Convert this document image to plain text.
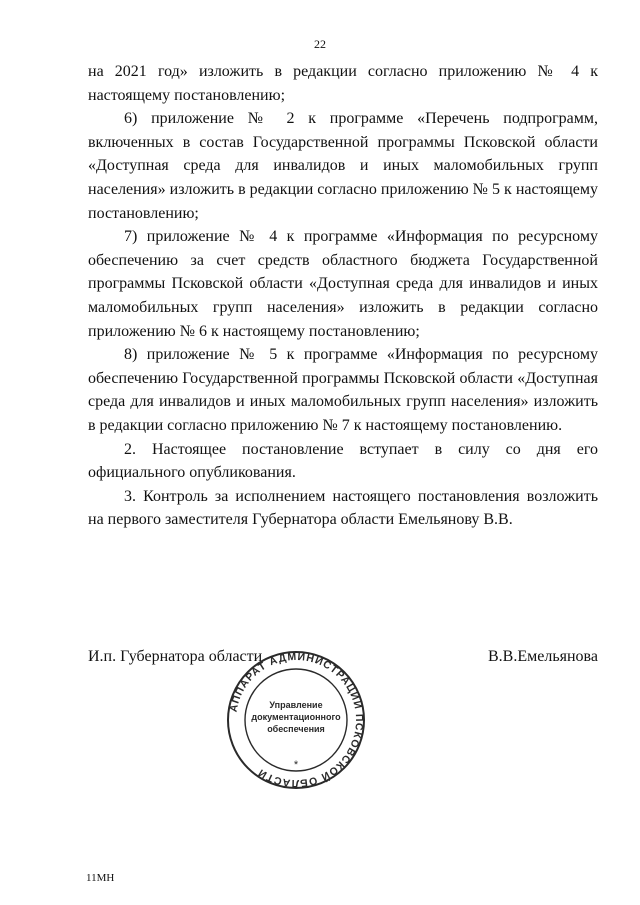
22

на 2021 год» изложить в редакции согласно приложению № 4 к настоящему постановлению;

6) приложение № 2 к программе «Перечень подпрограмм, включенных в состав Государственной программы Псковской области «Доступная среда для инвалидов и иных маломобильных групп населения» изложить в редакции согласно приложению № 5 к настоящему постановлению;

7) приложение № 4 к программе «Информация по ресурсному обеспечению за счет средств областного бюджета Государственной программы Псковской области «Доступная среда для инвалидов и иных маломобильных групп населения» изложить в редакции согласно приложению № 6 к настоящему постановлению;

8) приложение № 5 к программе «Информация по ресурсному обеспечению Государственной программы Псковской области «Доступная среда для инвалидов и иных маломобильных групп населения» изложить в редакции согласно приложению № 7 к настоящему постановлению.

2. Настоящее постановление вступает в силу со дня его официального опубликования.

3. Контроль за исполнением настоящего постановления возложить на первого заместителя Губернатора области Емельянову В.В.

И.п. Губернатора области
АППАРАТ АДМИНИСТРАЦИИ ПСКОВСКОЙ ОБЛАСТИ
Управление
документационного
обеспечения
*
В.В.Емельянова
11МН
